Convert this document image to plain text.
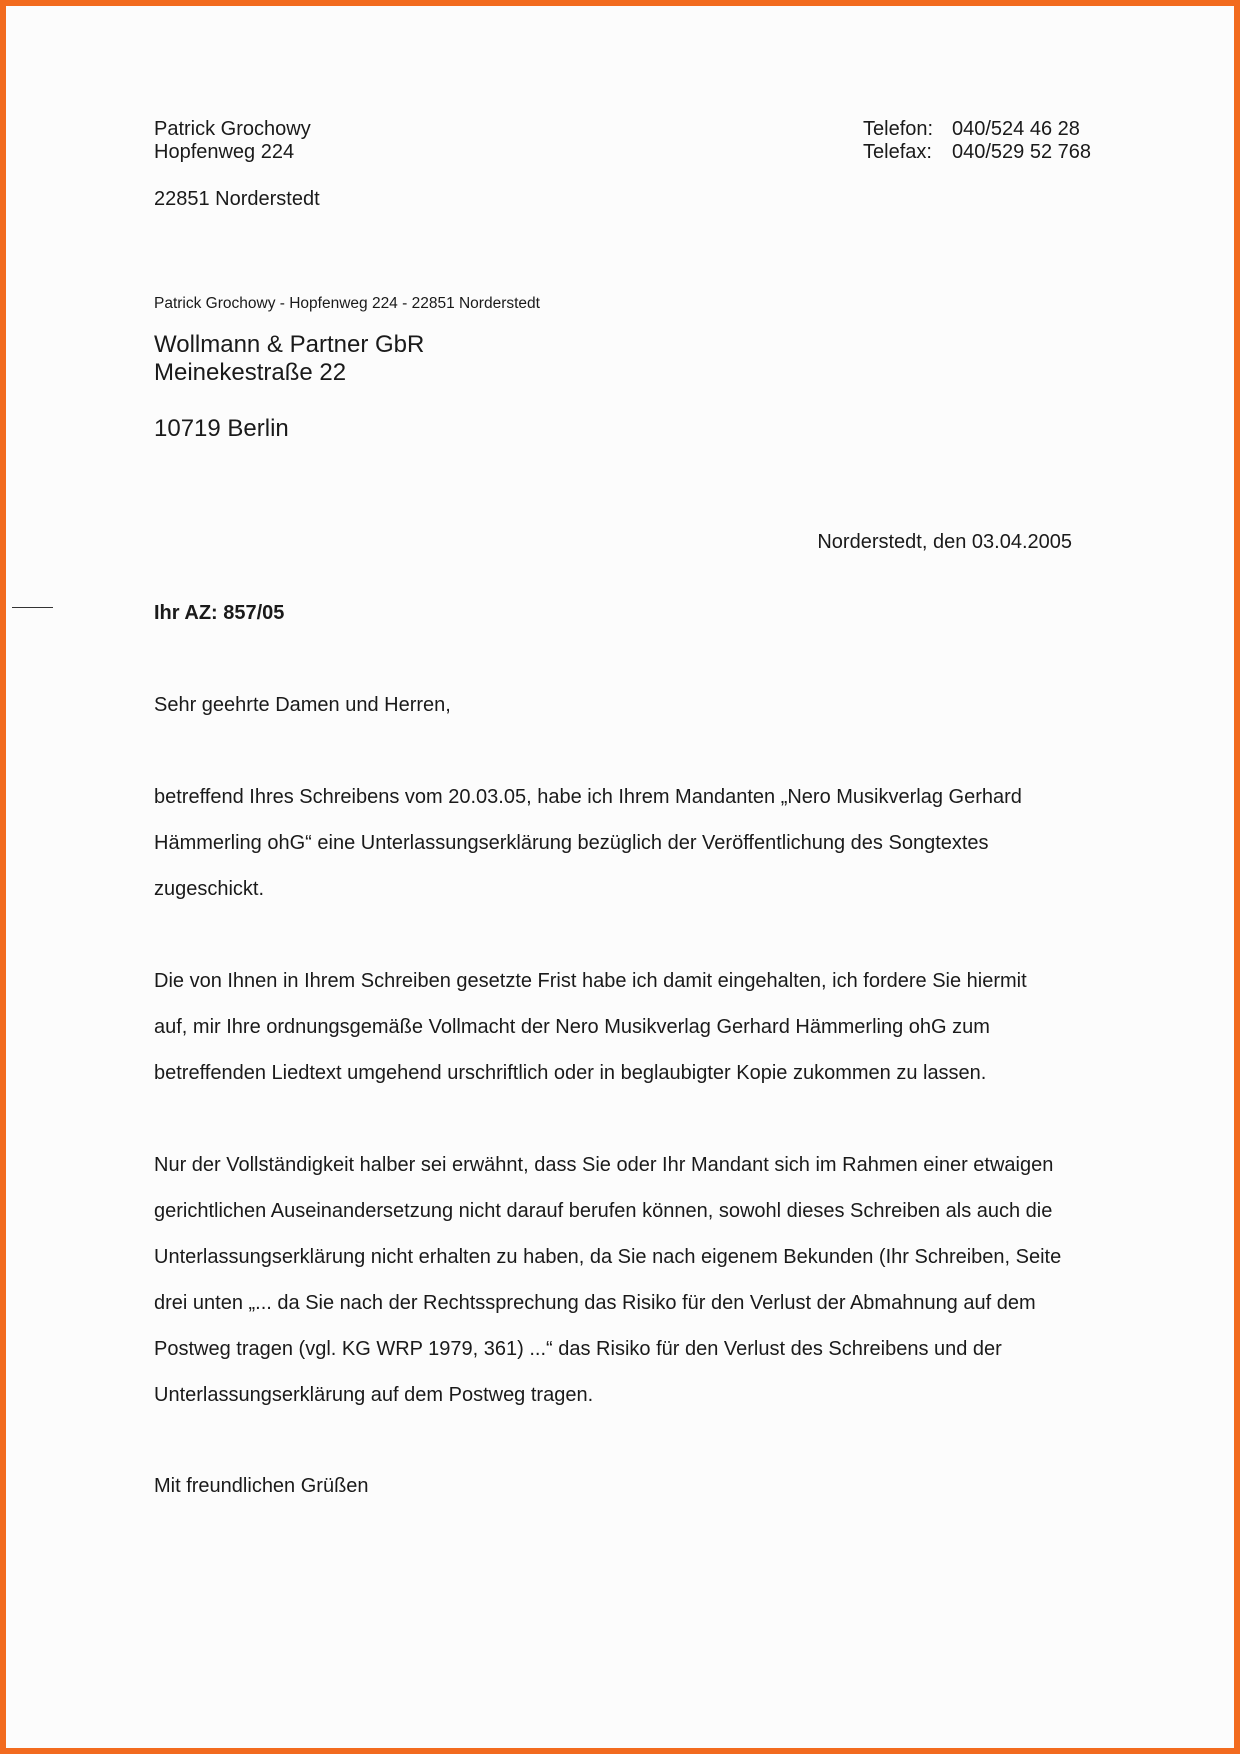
Patrick Grochowy
Hopfenweg 224
22851 Norderstedt
Telefon: 040/524 46 28
Telefax: 040/529 52 768
Patrick Grochowy - Hopfenweg 224 - 22851 Norderstedt
Wollmann & Partner GbR
Meinekestraße 22
10719 Berlin
Norderstedt, den 03.04.2005
Ihr AZ: 857/05
Sehr geehrte Damen und Herren,
betreffend Ihres Schreibens vom 20.03.05, habe ich Ihrem Mandanten „Nero Musikverlag Gerhard
Hämmerling ohG“ eine Unterlassungserklärung bezüglich der Veröffentlichung des Songtextes
zugeschickt.
Die von Ihnen in Ihrem Schreiben gesetzte Frist habe ich damit eingehalten, ich fordere Sie hiermit
auf, mir Ihre ordnungsgemäße Vollmacht der Nero Musikverlag Gerhard Hämmerling ohG zum
betreffenden Liedtext umgehend urschriftlich oder in beglaubigter Kopie zukommen zu lassen.
Nur der Vollständigkeit halber sei erwähnt, dass Sie oder Ihr Mandant sich im Rahmen einer etwaigen
gerichtlichen Auseinandersetzung nicht darauf berufen können, sowohl dieses Schreiben als auch die
Unterlassungserklärung nicht erhalten zu haben, da Sie nach eigenem Bekunden (Ihr Schreiben, Seite
drei unten „... da Sie nach der Rechtssprechung das Risiko für den Verlust der Abmahnung auf dem
Postweg tragen (vgl. KG WRP 1979, 361) ...“ das Risiko für den Verlust des Schreibens und der
Unterlassungserklärung auf dem Postweg tragen.
Mit freundlichen Grüßen
